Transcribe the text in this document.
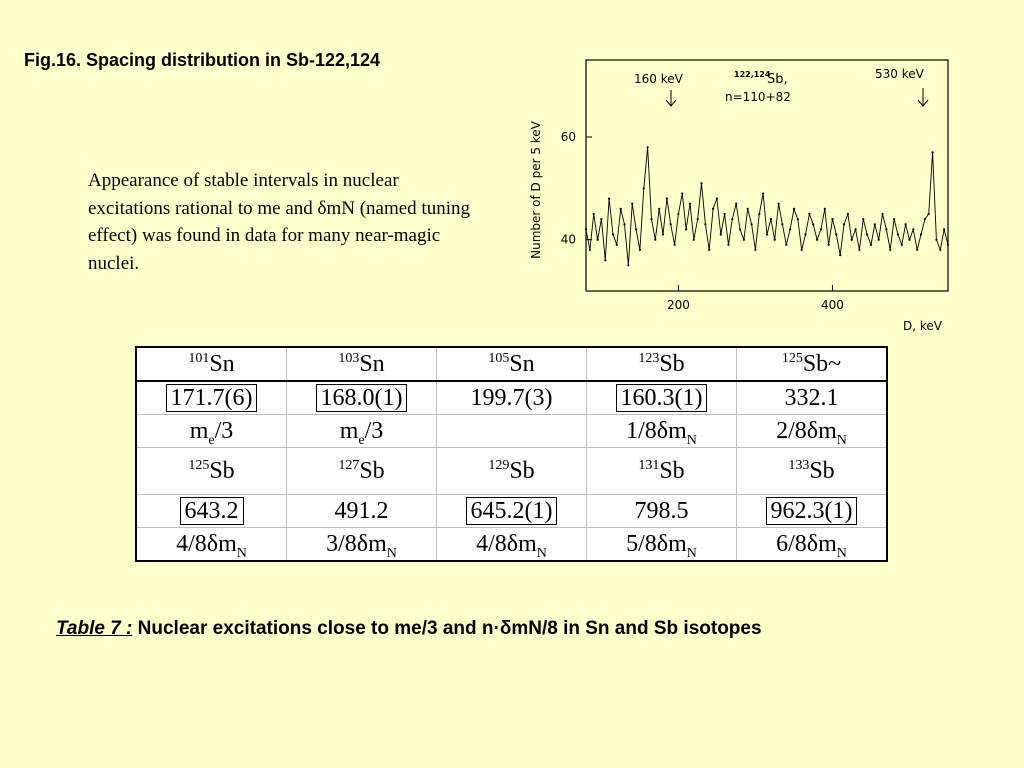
Fig.16. Spacing distribution in Sb-122,124
Appearance of stable intervals in nuclear excitations rational to me and δmN (named tuning effect) was found in data for many near-magic nuclei.
Number of D per 5 keV
D, keV
160 keV	530 keV
122,124
Sb,
n=110+82
200	400
40
60
$^{101}$Sn	$^{103}$Sn	$^{105}$Sn	$^{123}$Sb	$^{125}$Sb~
171.7(6)	168.0(1)	199.7(3)	160.3(1)	332.1
$m_e/3$	$m_e/3$		$1/8\delta m_N$	$2/8\delta m_N$
$^{125}$Sb	$^{127}$Sb	$^{129}$Sb	$^{131}$Sb	$^{133}$Sb
643.2	491.2	645.2(1)	798.5	962.3(1)
$4/8\delta m_N$	$3/8\delta m_N$	$4/8\delta m_N$	$5/8\delta m_N$	$6/8\delta m_N$
Table 7 : Nuclear excitations close to me/3 and n·δmN/8 in Sn and Sb isotopes
